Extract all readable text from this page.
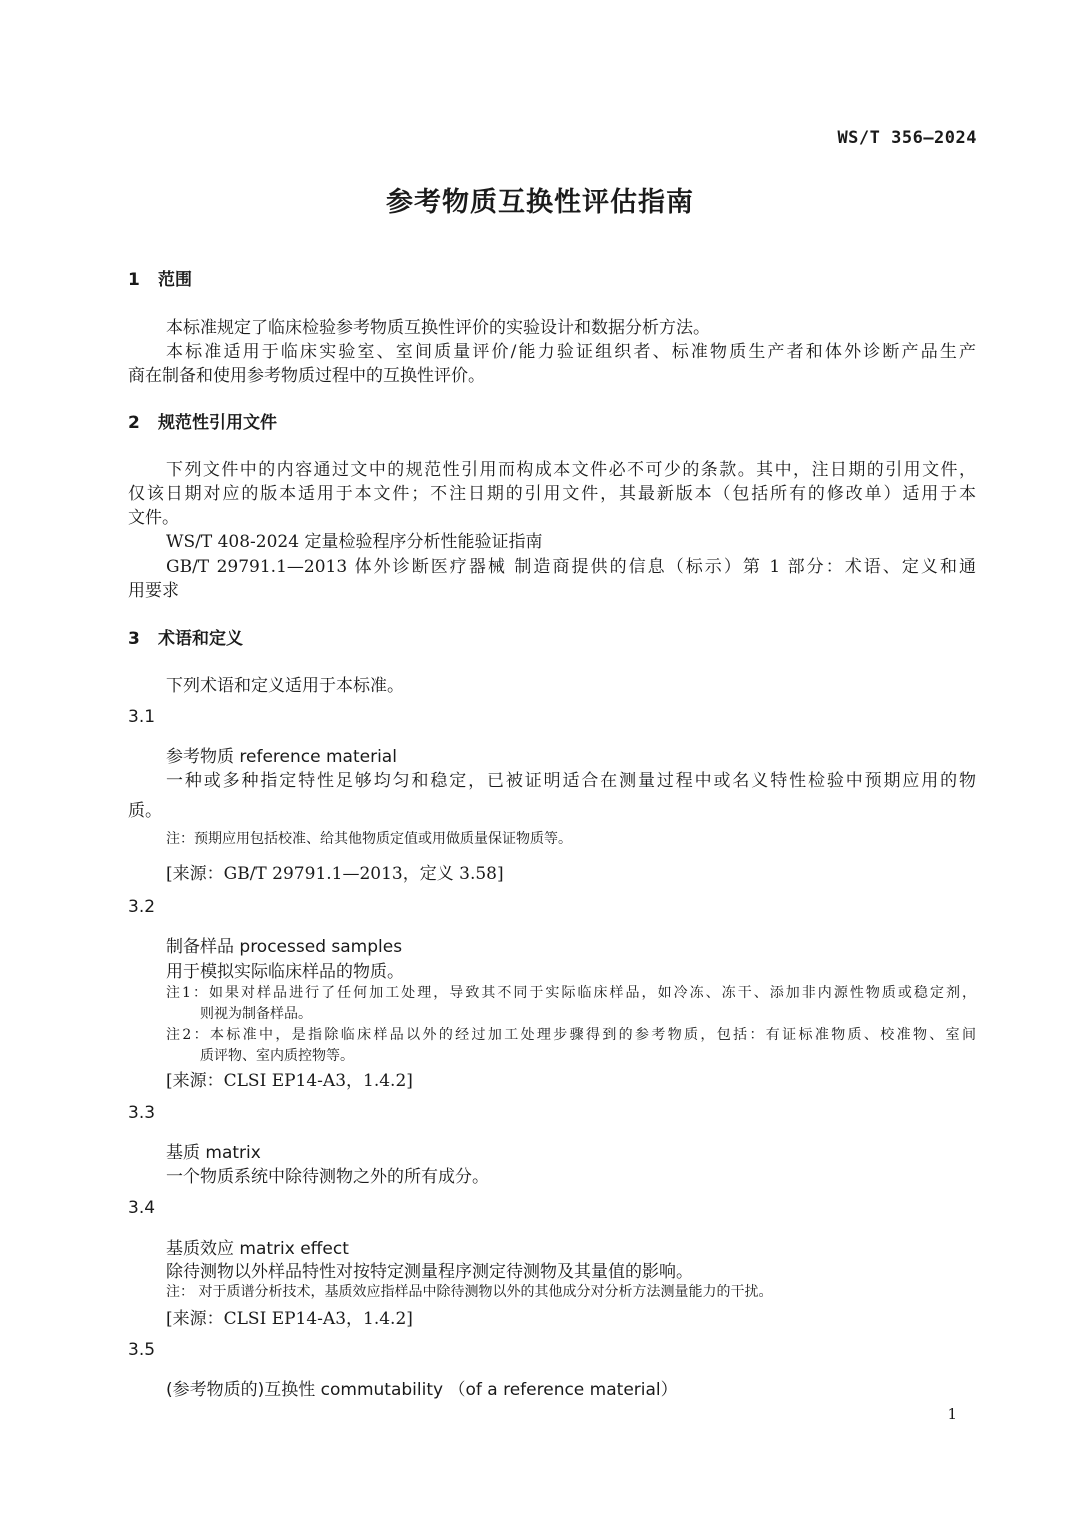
WS/T 356—2024
参考物质互换性评估指南
1 范围
本标准规定了临床检验参考物质互换性评价的实验设计和数据分析方法。
本标准适用于临床实验室、室间质量评价/能力验证组织者、标准物质生产者和体外诊断产品生产
商在制备和使用参考物质过程中的互换性评价。
2 规范性引用文件
下列文件中的内容通过文中的规范性引用而构成本文件必不可少的条款。其中，注日期的引用文件，
仅该日期对应的版本适用于本文件；不注日期的引用文件，其最新版本（包括所有的修改单）适用于本
文件。
WS/T 408-2024 定量检验程序分析性能验证指南
GB/T 29791.1—2013 体外诊断医疗器械 制造商提供的信息（标示）第 1 部分：术语、定义和通
用要求
3 术语和定义
下列术语和定义适用于本标准。
3.1
参考物质 reference material
一种或多种指定特性足够均匀和稳定，已被证明适合在测量过程中或名义特性检验中预期应用的物
质。
注：预期应用包括校准、给其他物质定值或用做质量保证物质等。
[来源：GB/T 29791.1—2013，定义 3.58]
3.2
制备样品 processed samples
用于模拟实际临床样品的物质。
注1：如果对样品进行了任何加工处理，导致其不同于实际临床样品，如冷冻、冻干、添加非内源性物质或稳定剂，
则视为制备样品。
注2：本标准中，是指除临床样品以外的经过加工处理步骤得到的参考物质，包括：有证标准物质、校准物、室间
质评物、室内质控物等。
[来源：CLSI EP14-A3，1.4.2]
3.3
基质 matrix
一个物质系统中除待测物之外的所有成分。
3.4
基质效应 matrix effect
除待测物以外样品特性对按特定测量程序测定待测物及其量值的影响。
注： 对于质谱分析技术，基质效应指样品中除待测物以外的其他成分对分析方法测量能力的干扰。
[来源：CLSI EP14-A3，1.4.2]
3.5
(参考物质的)互换性 commutability （of a reference material）
1
